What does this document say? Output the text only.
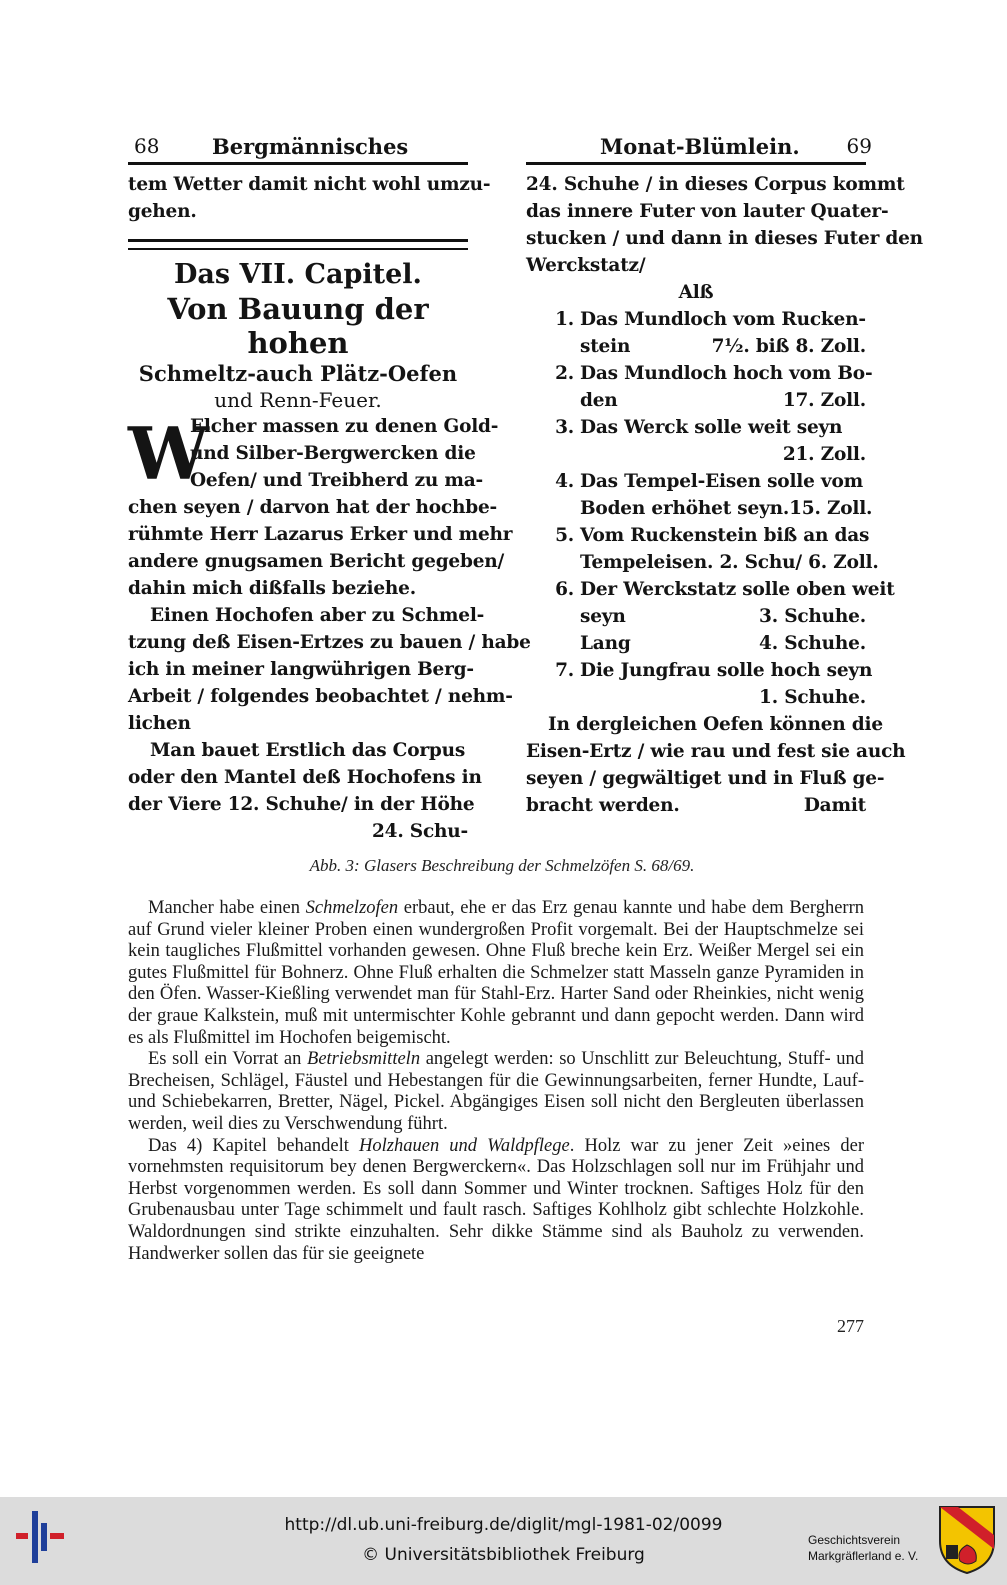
68	Bergmännisches
tem Wetter damit nicht wohl umzu-
gehen.
Das VII. Capitel.
Von Bauung der hohen
Schmeltz-auch Plätz-Oefen
und Renn-Feuer.
W
Elcher massen zu denen Gold-
und Silber-Bergwercken die
Oefen/ und Treibherd zu ma-
chen seyen / darvon hat der hochbe-
rühmte Herr Lazarus Erker und mehr
andere gnugsamen Bericht gegeben/
dahin mich dißfalls beziehe.
Einen Hochofen aber zu Schmel-
tzung deß Eisen-Ertzes zu bauen / habe
ich in meiner langwührigen Berg-
Arbeit / folgendes beobachtet / nehm-
lichen
Man bauet Erstlich das Corpus
oder den Mantel deß Hochofens in
der Viere 12. Schuhe/ in der Höhe
24. Schu-
Monat-Blümlein. 69
24. Schuhe / in dieses Corpus kommt
das innere Futer von lauter Quater-
stucken / und dann in dieses Futer den
Werckstatz/
Alß
1. Das Mundloch vom Rucken-
stein	7½. biß 8. Zoll.
2. Das Mundloch hoch vom Bo-
den	17. Zoll.
3. Das Werck solle weit seyn
21. Zoll.
4. Das Tempel-Eisen solle vom
Boden erhöhet seyn. 15. Zoll.
5. Vom Ruckenstein biß an das
Tempeleisen. 2. Schu/ 6. Zoll.
6. Der Werckstatz solle oben weit
seyn	3. Schuhe.
Lang	4. Schuhe.
7. Die Jungfrau solle hoch seyn
1. Schuhe.
In dergleichen Oefen können die
Eisen-Ertz / wie rau und fest sie auch
seyen / gegwältiget und in Fluß ge-
bracht werden.	Damit
Abb. 3: Glasers Beschreibung der Schmelzöfen S. 68/69.

Mancher habe einen Schmelzofen erbaut, ehe er das Erz genau kannte und habe dem Bergherrn auf Grund vieler kleiner Proben einen wundergroßen Profit vorgemalt. Bei der Hauptschmelze sei kein taugliches Flußmittel vorhanden gewesen. Ohne Fluß breche kein Erz. Weißer Mergel sei ein gutes Flußmittel für Bohnerz. Ohne Fluß erhalten die Schmelzer statt Masseln ganze Pyramiden in den Öfen. Wasser-Kießling verwendet man für Stahl-Erz. Harter Sand oder Rheinkies, nicht wenig der graue Kalkstein, muß mit untermischter Kohle gebrannt und dann gepocht werden. Dann wird es als Flußmittel im Hochofen beigemischt.

Es soll ein Vorrat an Betriebsmitteln angelegt werden: so Unschlitt zur Beleuchtung, Stuff- und Brecheisen, Schlägel, Fäustel und Hebestangen für die Gewinnungsarbeiten, ferner Hundte, Lauf- und Schiebekarren, Bretter, Nägel, Pickel. Abgängiges Eisen soll nicht den Bergleuten überlassen werden, weil dies zu Verschwendung führt.

Das 4) Kapitel behandelt Holzhauen und Waldpflege. Holz war zu jener Zeit »eines der vornehmsten requisitorum bey denen Bergwerckern«. Das Holzschlagen soll nur im Frühjahr und Herbst vorgenommen werden. Es soll dann Sommer und Winter trocknen. Saftiges Holz für den Grubenausbau unter Tage schimmelt und fault rasch. Saftiges Kohlholz gibt schlechte Holzkohle. Waldordnungen sind strikte einzuhalten. Sehr dikke Stämme sind als Bauholz zu verwenden. Handwerker sollen das für sie geeignete

277
http://dl.ub.uni-freiburg.de/diglit/mgl-1981-02/0099
© Universitätsbibliothek Freiburg
Geschichtsverein
Markgräflerland e. V.
